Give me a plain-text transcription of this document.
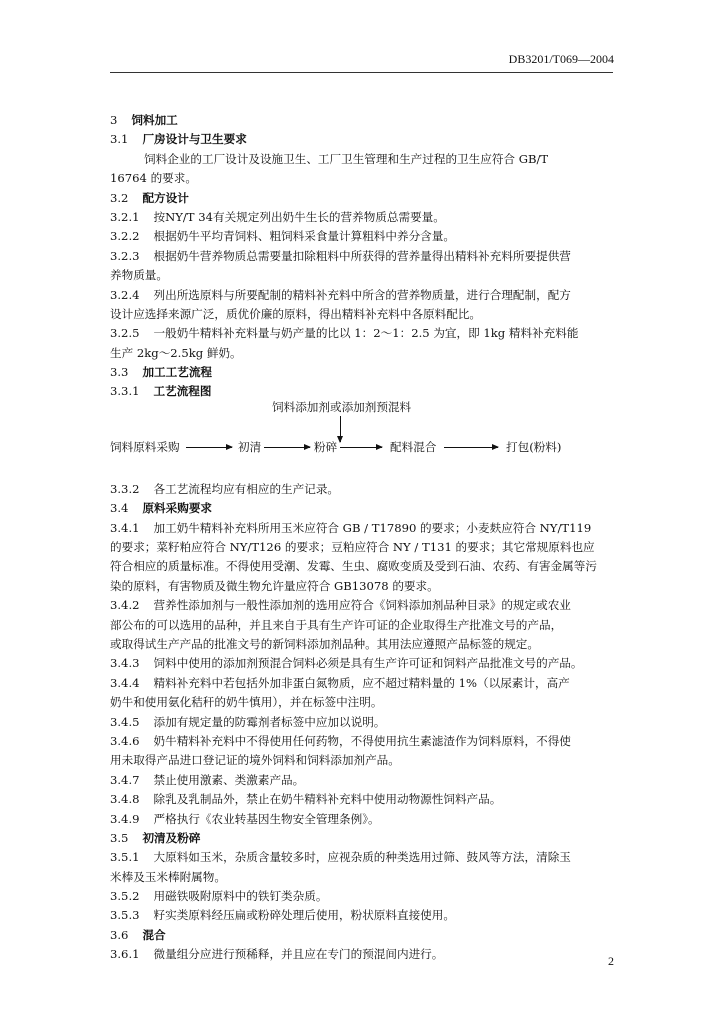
DB3201/T069—2004
3 饲料加工
3.1 厂房设计与卫生要求
饲料企业的工厂设计及设施卫生、工厂卫生管理和生产过程的卫生应符合 GB/T
16764 的要求。
3.2 配方设计
3.2.1 按NY/T 34有关规定列出奶牛生长的营养物质总需要量。
3.2.2 根据奶牛平均青饲料、粗饲料采食量计算粗料中养分含量。
3.2.3 根据奶牛营养物质总需要量扣除粗料中所获得的营养量得出精料补充料所要提供营
养物质量。
3.2.4 列出所选原料与所要配制的精料补充料中所含的营养物质量，进行合理配制，配方
设计应选择来源广泛，质优价廉的原料，得出精料补充料中各原料配比。
3.2.5 一般奶牛精料补充料量与奶产量的比以 1：2～1：2.5 为宜，即 1kg 精料补充料能
生产 2kg～2.5kg 鲜奶。
3.3 加工工艺流程
3.3.1 工艺流程图
饲料添加剂或添加剂预混料
饲料原料采购	初清	粉碎	配料混合	打包(粉料)
3.3.2 各工艺流程均应有相应的生产记录。
3.4 原料采购要求
3.4.1 加工奶牛精料补充料所用玉米应符合 GB / T17890 的要求；小麦麸应符合 NY/T119
的要求；菜籽粕应符合 NY/T126 的要求；豆粕应符合 NY / T131 的要求；其它常规原料也应
符合相应的质量标准。不得使用受潮、发霉、生虫、腐败变质及受到石油、农药、有害金属等污
染的原料，有害物质及微生物允许量应符合 GB13078 的要求。
3.4.2 营养性添加剂与一般性添加剂的选用应符合《饲料添加剂品种目录》的规定或农业
部公布的可以选用的品种，并且来自于具有生产许可证的企业取得生产批准文号的产品，
或取得试生产产品的批准文号的新饲料添加剂品种。其用法应遵照产品标签的规定。
3.4.3 饲料中使用的添加剂预混合饲料必须是具有生产许可证和饲料产品批准文号的产品。
3.4.4 精料补充料中若包括外加非蛋白氮物质，应不超过精料量的 1%（以尿素计，高产
奶牛和使用氨化秸秆的奶牛慎用），并在标签中注明。
3.4.5 添加有规定量的防霉剂者标签中应加以说明。
3.4.6 奶牛精料补充料中不得使用任何药物，不得使用抗生素滤渣作为饲料原料，不得使
用未取得产品进口登记证的境外饲料和饲料添加剂产品。
3.4.7 禁止使用激素、类激素产品。
3.4.8 除乳及乳制品外，禁止在奶牛精料补充料中使用动物源性饲料产品。
3.4.9 严格执行《农业转基因生物安全管理条例》。
3.5 初清及粉碎
3.5.1 大原料如玉米，杂质含量较多时，应视杂质的种类选用过筛、鼓风等方法，清除玉
米棒及玉米棒附属物。
3.5.2 用磁铁吸附原料中的铁钉类杂质。
3.5.3 籽实类原料经压扁或粉碎处理后使用，粉状原料直接使用。
3.6 混合
3.6.1 微量组分应进行预稀释，并且应在专门的预混间内进行。	2
